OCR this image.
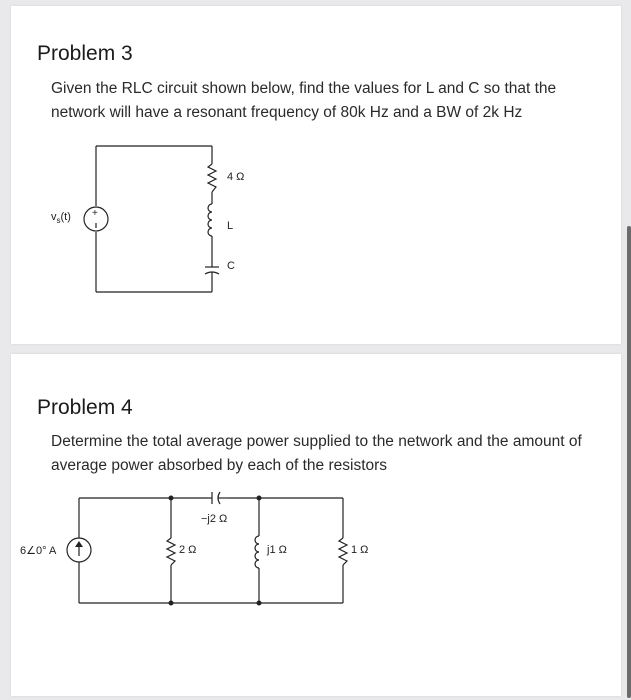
Problem 3

Given the RLC circuit shown below, find the values for L and C so that the network will have a resonant frequency of 80k Hz and a BW of 2k Hz

+
$v_s(t)$
4 Ω
L
C
Problem 4

Determine the total average power supplied to the network and the amount of average power absorbed by each of the resistors

6∠0° A
−j2 Ω
2 Ω	j1 Ω	1 Ω
